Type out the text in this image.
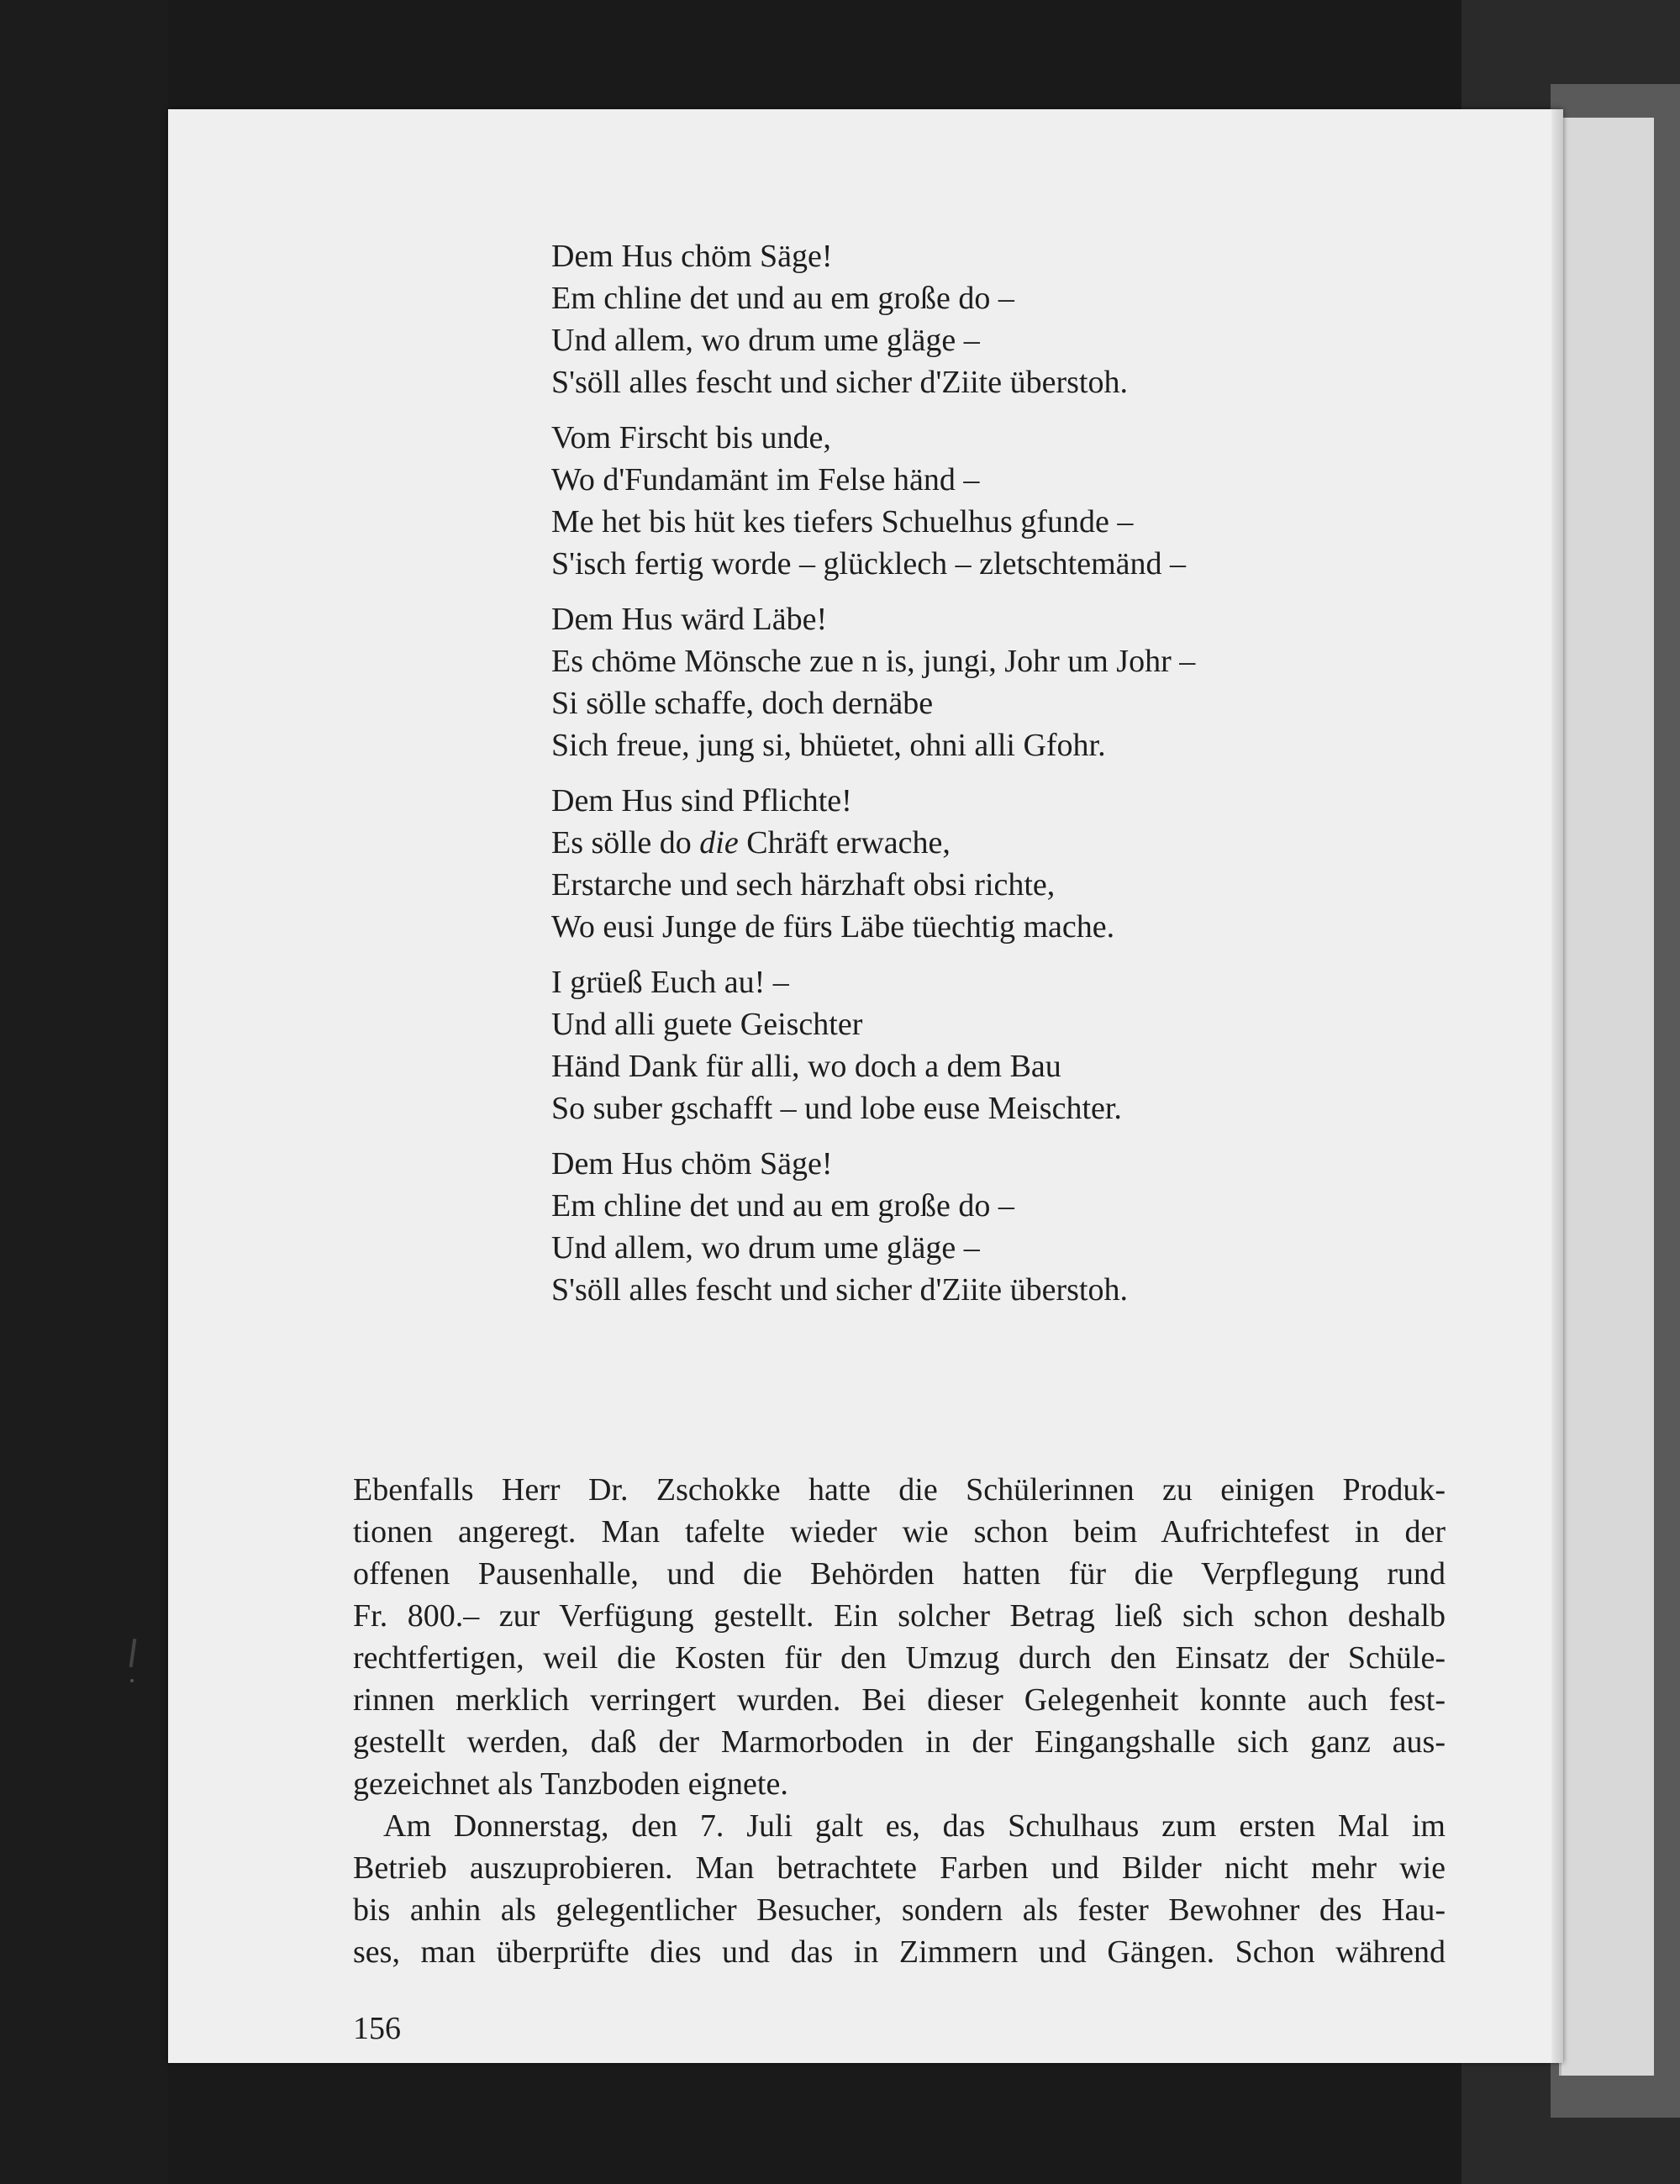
Dem Hus chöm Säge!
Em chline det und au em große do –
Und allem, wo drum ume gläge –
S'söll alles fescht und sicher d'Ziite überstoh.
Vom Firscht bis unde,
Wo d'Fundamänt im Felse händ –
Me het bis hüt kes tiefers Schuelhus gfunde –
S'isch fertig worde – glücklech – zletschtemänd –
Dem Hus wärd Läbe!
Es chöme Mönsche zue n is, jungi, Johr um Johr –
Si sölle schaffe, doch dernäbe
Sich freue, jung si, bhüetet, ohni alli Gfohr.
Dem Hus sind Pflichte!
Es sölle do die Chräft erwache,
Erstarche und sech härzhaft obsi richte,
Wo eusi Junge de fürs Läbe tüechtig mache.
I grüeß Euch au! –
Und alli guete Geischter
Händ Dank für alli, wo doch a dem Bau
So suber gschafft – und lobe euse Meischter.
Dem Hus chöm Säge!
Em chline det und au em große do –
Und allem, wo drum ume gläge –
S'söll alles fescht und sicher d'Ziite überstoh.
Ebenfalls Herr Dr. Zschokke hatte die Schülerinnen zu einigen Produk-
tionen angeregt. Man tafelte wieder wie schon beim Aufrichtefest in der
offenen Pausenhalle, und die Behörden hatten für die Verpflegung rund
Fr. 800.– zur Verfügung gestellt. Ein solcher Betrag ließ sich schon deshalb
rechtfertigen, weil die Kosten für den Umzug durch den Einsatz der Schüle-
rinnen merklich verringert wurden. Bei dieser Gelegenheit konnte auch fest-
gestellt werden, daß der Marmorboden in der Eingangshalle sich ganz aus-
gezeichnet als Tanzboden eignete.
Am Donnerstag, den 7. Juli galt es, das Schulhaus zum ersten Mal im
Betrieb auszuprobieren. Man betrachtete Farben und Bilder nicht mehr wie
bis anhin als gelegentlicher Besucher, sondern als fester Bewohner des Hau-
ses, man überprüfte dies und das in Zimmern und Gängen. Schon während
156
